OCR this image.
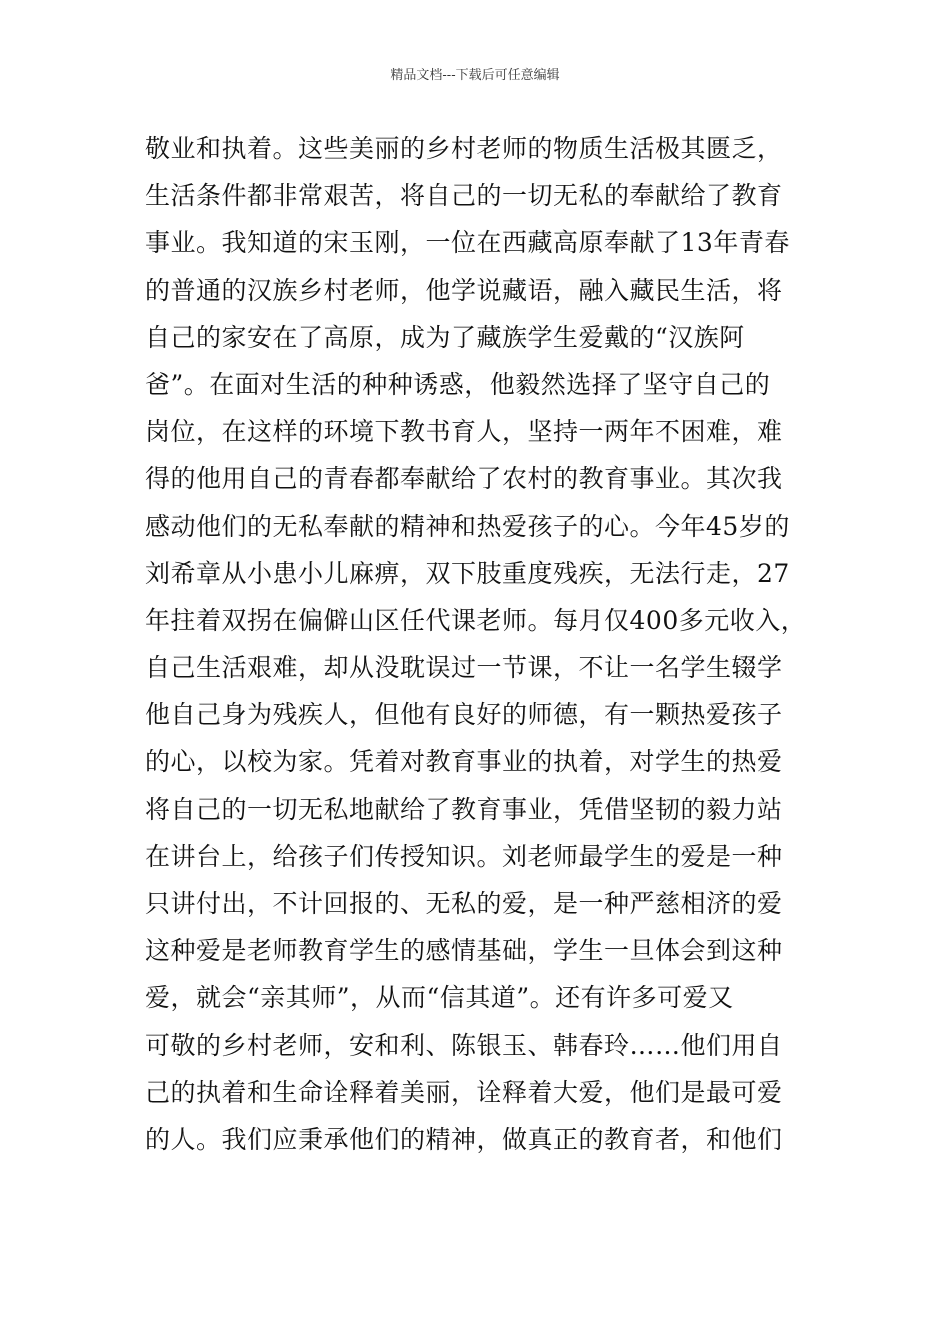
精品文档---下载后可任意编辑
敬业和执着。这些美丽的乡村老师的物质生活极其匮乏，
生活条件都非常艰苦，将自己的一切无私的奉献给了教育
事业。我知道的宋玉刚，一位在西藏高原奉献了13年青春
的普通的汉族乡村老师，他学说藏语，融入藏民生活，将
自己的家安在了高原，成为了藏族学生爱戴的“汉族阿
爸”。在面对生活的种种诱惑，他毅然选择了坚守自己的
岗位，在这样的环境下教书育人，坚持一两年不困难，难
得的他用自己的青春都奉献给了农村的教育事业。其次我
感动他们的无私奉献的精神和热爱孩子的心。今年45岁的
刘希章从小患小儿麻痹，双下肢重度残疾，无法行走，27
年拄着双拐在偏僻山区任代课老师。每月仅400多元收入，
自己生活艰难，却从没耽误过一节课，不让一名学生辍学
他自己身为残疾人，但他有良好的师德，有一颗热爱孩子
的心，以校为家。凭着对教育事业的执着，对学生的热爱
将自己的一切无私地献给了教育事业，凭借坚韧的毅力站
在讲台上，给孩子们传授知识。刘老师最学生的爱是一种
只讲付出，不计回报的、无私的爱，是一种严慈相济的爱
这种爱是老师教育学生的感情基础，学生一旦体会到这种
爱，就会“亲其师”，从而“信其道”。还有许多可爱又
可敬的乡村老师，安和利、陈银玉、韩春玲……他们用自
己的执着和生命诠释着美丽，诠释着大爱，他们是最可爱
的人。我们应秉承他们的精神，做真正的教育者，和他们
